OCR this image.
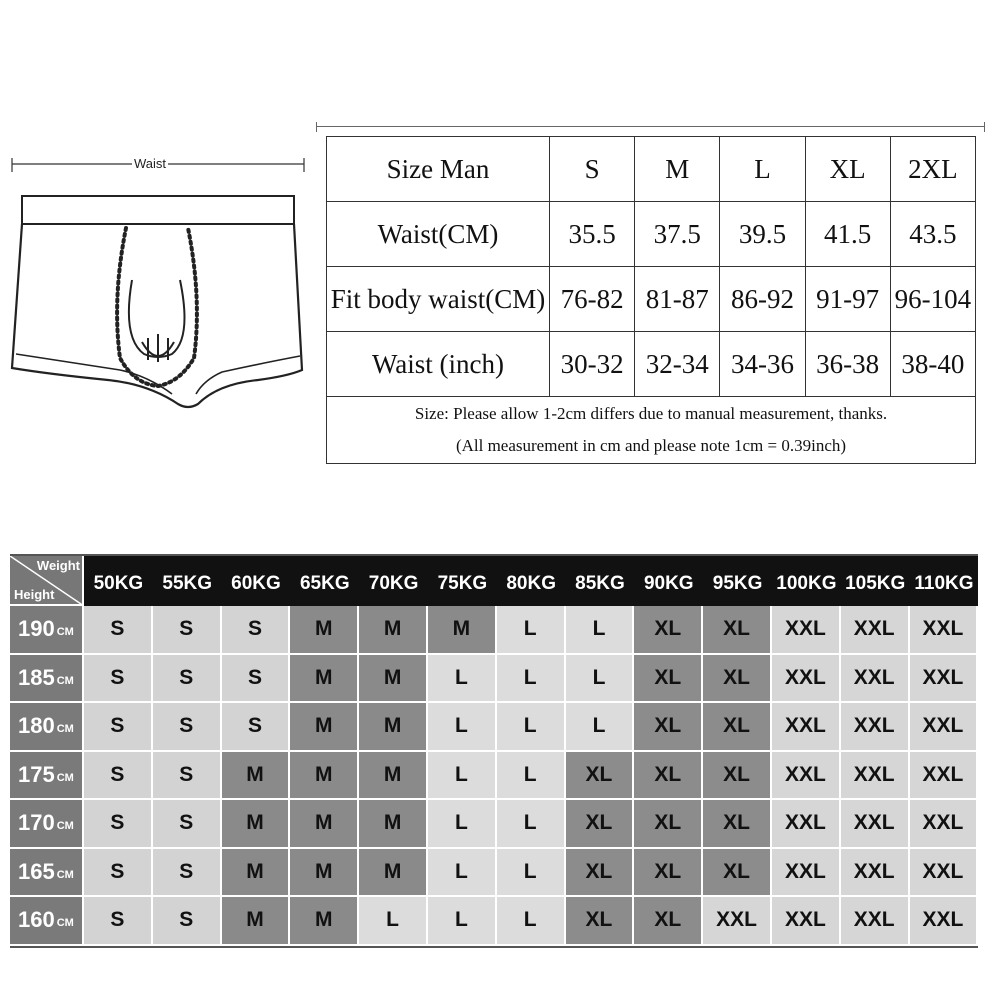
Waist	Size Man	S	M	L	XL	2XL
Waist(CM)	35.5	37.5	39.5	41.5	43.5
Fit body waist(CM)	76-82	81-87	86-92	91-97	96-104
Waist (inch)	30-32	32-34	34-36	36-38	38-40

Size: Please allow 1-2cm differs due to manual measurement, thanks.
(All measurement in cm and please note 1cm = 0.39inch)					
Weight
Height
50KG	55KG	60KG	65KG	70KG	75KG	80KG	85KG	90KG	95KG 100KG 105KG 110KG
190 CM	S	S	S	M	M	M	L	L	XL	XL	XXL	XXL	XXL
185 CM	S	S	S	M	M	L	L	L	XL	XL	XXL	XXL	XXL
180 CM	S	S	S	M	M	L	L	L	XL	XL	XXL	XXL	XXL
175 CM	S	S	M	M	M	L	L	XL	XL	XL	XXL	XXL	XXL
170 CM	S	S	M	M	M	L	L	XL	XL	XL	XXL	XXL	XXL
165 CM	S	S	M	M	M	L	L	XL	XL	XL	XXL	XXL	XXL
160 CM	S	S	M	M	L	L	L	XL	XL	XXL	XXL	XXL	XXL
